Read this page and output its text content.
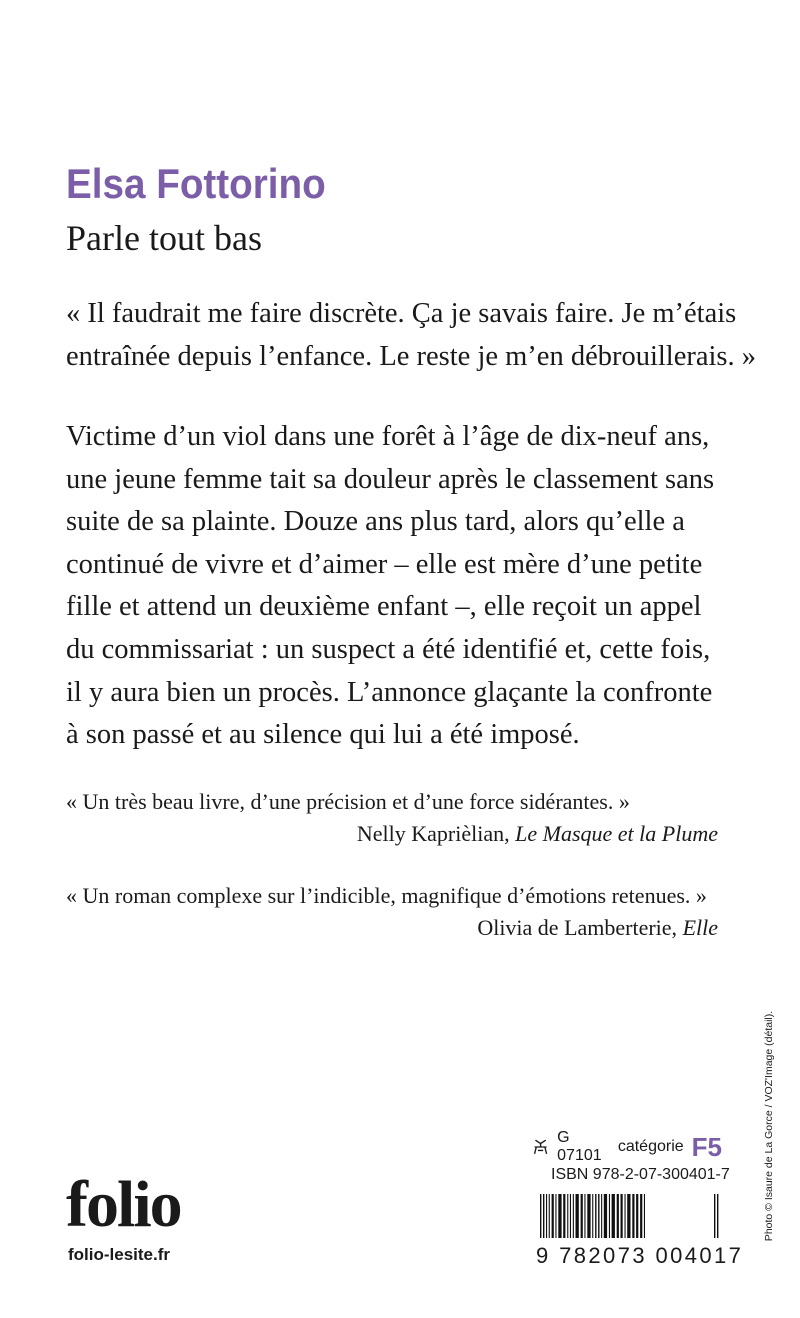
Elsa Fottorino
Parle tout bas
« Il faudrait me faire discrète. Ça je savais faire. Je m’étais
entraînée depuis l’enfance. Le reste je m’en débrouillerais. »
Victime d’un viol dans une forêt à l’âge de dix-neuf ans,
une jeune femme tait sa douleur après le classement sans
suite de sa plainte. Douze ans plus tard, alors qu’elle a
continué de vivre et d’aimer – elle est mère d’une petite
fille et attend un deuxième enfant –, elle reçoit un appel
du commissariat : un suspect a été identifié et, cette fois,
il y aura bien un procès. L’annonce glaçante la confronte
à son passé et au silence qui lui a été imposé.
« Un très beau livre, d’une précision et d’une force sidérantes. »
Nelly Kaprièlian, Le Masque et la Plume
« Un roman complexe sur l’indicible, magnifique d’émotions retenues. »
Olivia de Lamberterie, Elle
Photo © Isaure de La Gorce / VOZ'Image (détail).
folio
folio-lesite.fr
G 07101
catégorie F5
ISBN 978-2-07-300401-7
9 782073 004017
